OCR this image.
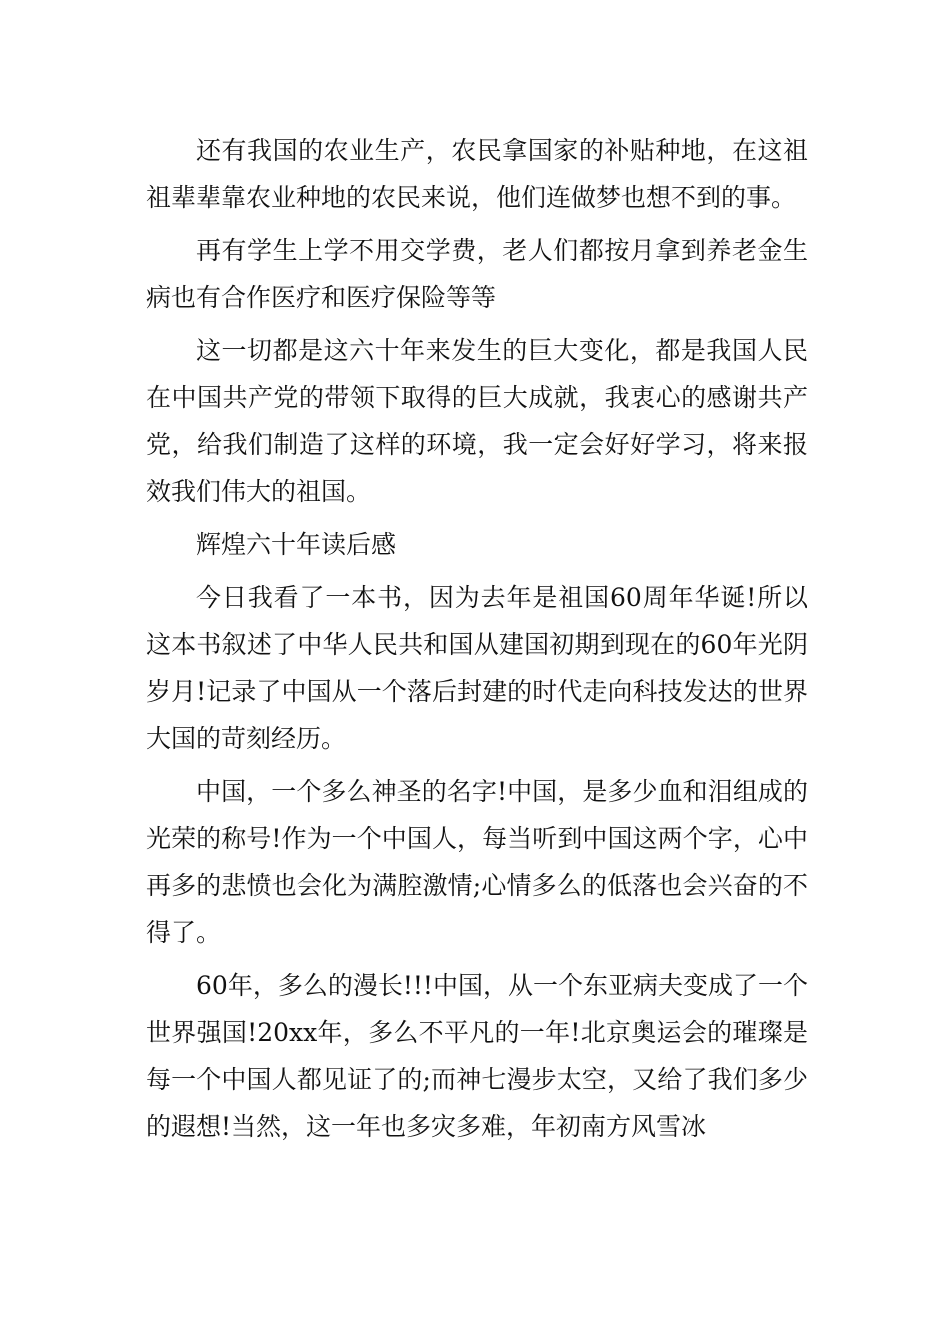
还有我国的农业生产，农民拿国家的补贴种地，在这祖祖辈辈靠农业种地的农民来说，他们连做梦也想不到的事。

再有学生上学不用交学费，老人们都按月拿到养老金生病也有合作医疗和医疗保险等等

这一切都是这六十年来发生的巨大变化，都是我国人民在中国共产党的带领下取得的巨大成就，我衷心的感谢共产党，给我们制造了这样的环境，我一定会好好学习，将来报效我们伟大的祖国。

辉煌六十年读后感

今日我看了一本书，因为去年是祖国60周年华诞!所以这本书叙述了中华人民共和国从建国初期到现在的60年光阴岁月!记录了中国从一个落后封建的时代走向科技发达的世界大国的苛刻经历。

中国，一个多么神圣的名字!中国，是多少血和泪组成的光荣的称号!作为一个中国人，每当听到中国这两个字，心中再多的悲愤也会化为满腔激情;心情多么的低落也会兴奋的不得了。

60年，多么的漫长!!!中国，从一个东亚病夫变成了一个世界强国!20xx年，多么不平凡的一年!北京奥运会的璀璨是每一个中国人都见证了的;而神七漫步太空，又给了我们多少的遐想!当然，这一年也多灾多难，年初南方风雪冰
